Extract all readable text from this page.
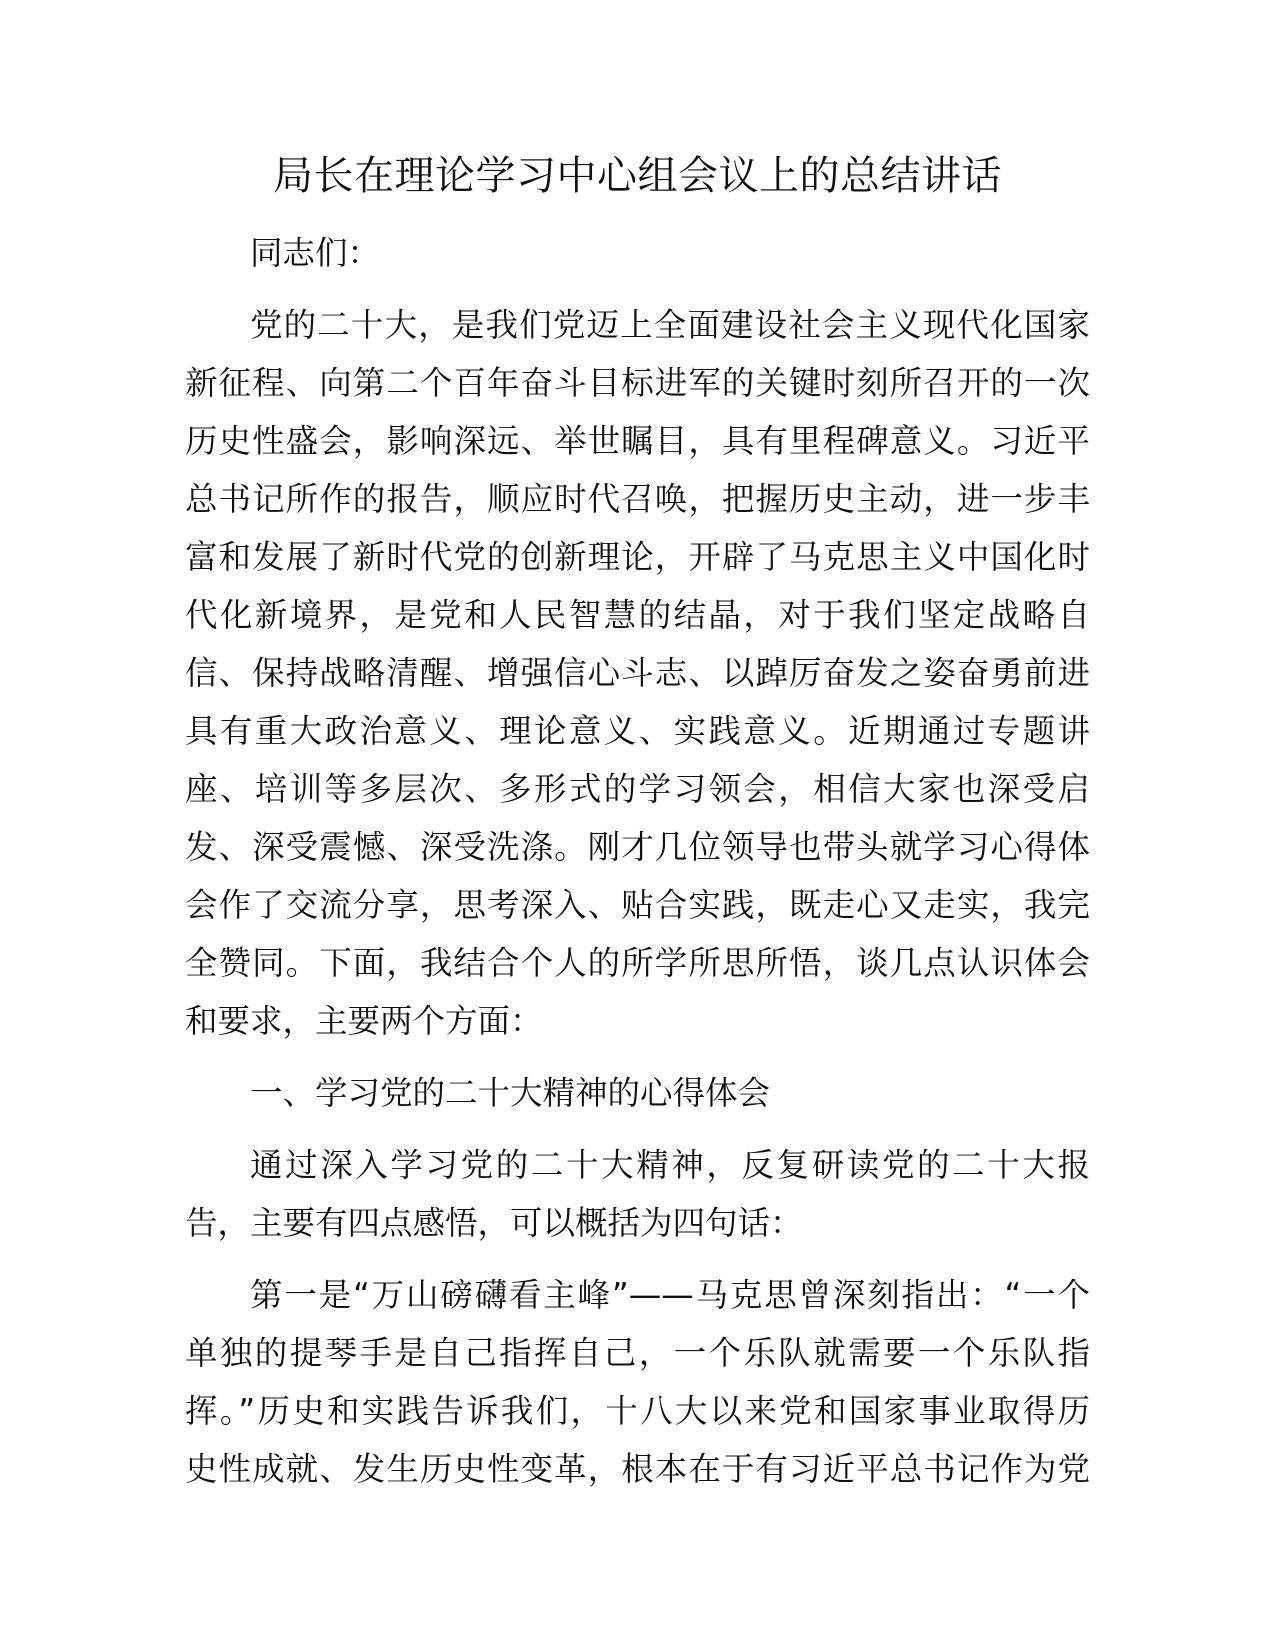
局长在理论学习中心组会议上的总结讲话
同志们：
党的二十大，是我们党迈上全面建设社会主义现代化国家
新征程、向第二个百年奋斗目标进军的关键时刻所召开的一次
历史性盛会，影响深远、举世瞩目，具有里程碑意义。习近平
总书记所作的报告，顺应时代召唤，把握历史主动，进一步丰
富和发展了新时代党的创新理论，开辟了马克思主义中国化时
代化新境界，是党和人民智慧的结晶，对于我们坚定战略自
信、保持战略清醒、增强信心斗志、以踔厉奋发之姿奋勇前进
具有重大政治意义、理论意义、实践意义。近期通过专题讲
座、培训等多层次、多形式的学习领会，相信大家也深受启
发、深受震憾、深受洗涤。刚才几位领导也带头就学习心得体
会作了交流分享，思考深入、贴合实践，既走心又走实，我完
全赞同。下面，我结合个人的所学所思所悟，谈几点认识体会
和要求，主要两个方面：
一、学习党的二十大精神的心得体会
通过深入学习党的二十大精神，反复研读党的二十大报
告，主要有四点感悟，可以概括为四句话：
第一是“万山磅礴看主峰”——马克思曾深刻指出：“一个
单独的提琴手是自己指挥自己，一个乐队就需要一个乐队指
挥。”历史和实践告诉我们，十八大以来党和国家事业取得历
史性成就、发生历史性变革，根本在于有习近平总书记作为党
